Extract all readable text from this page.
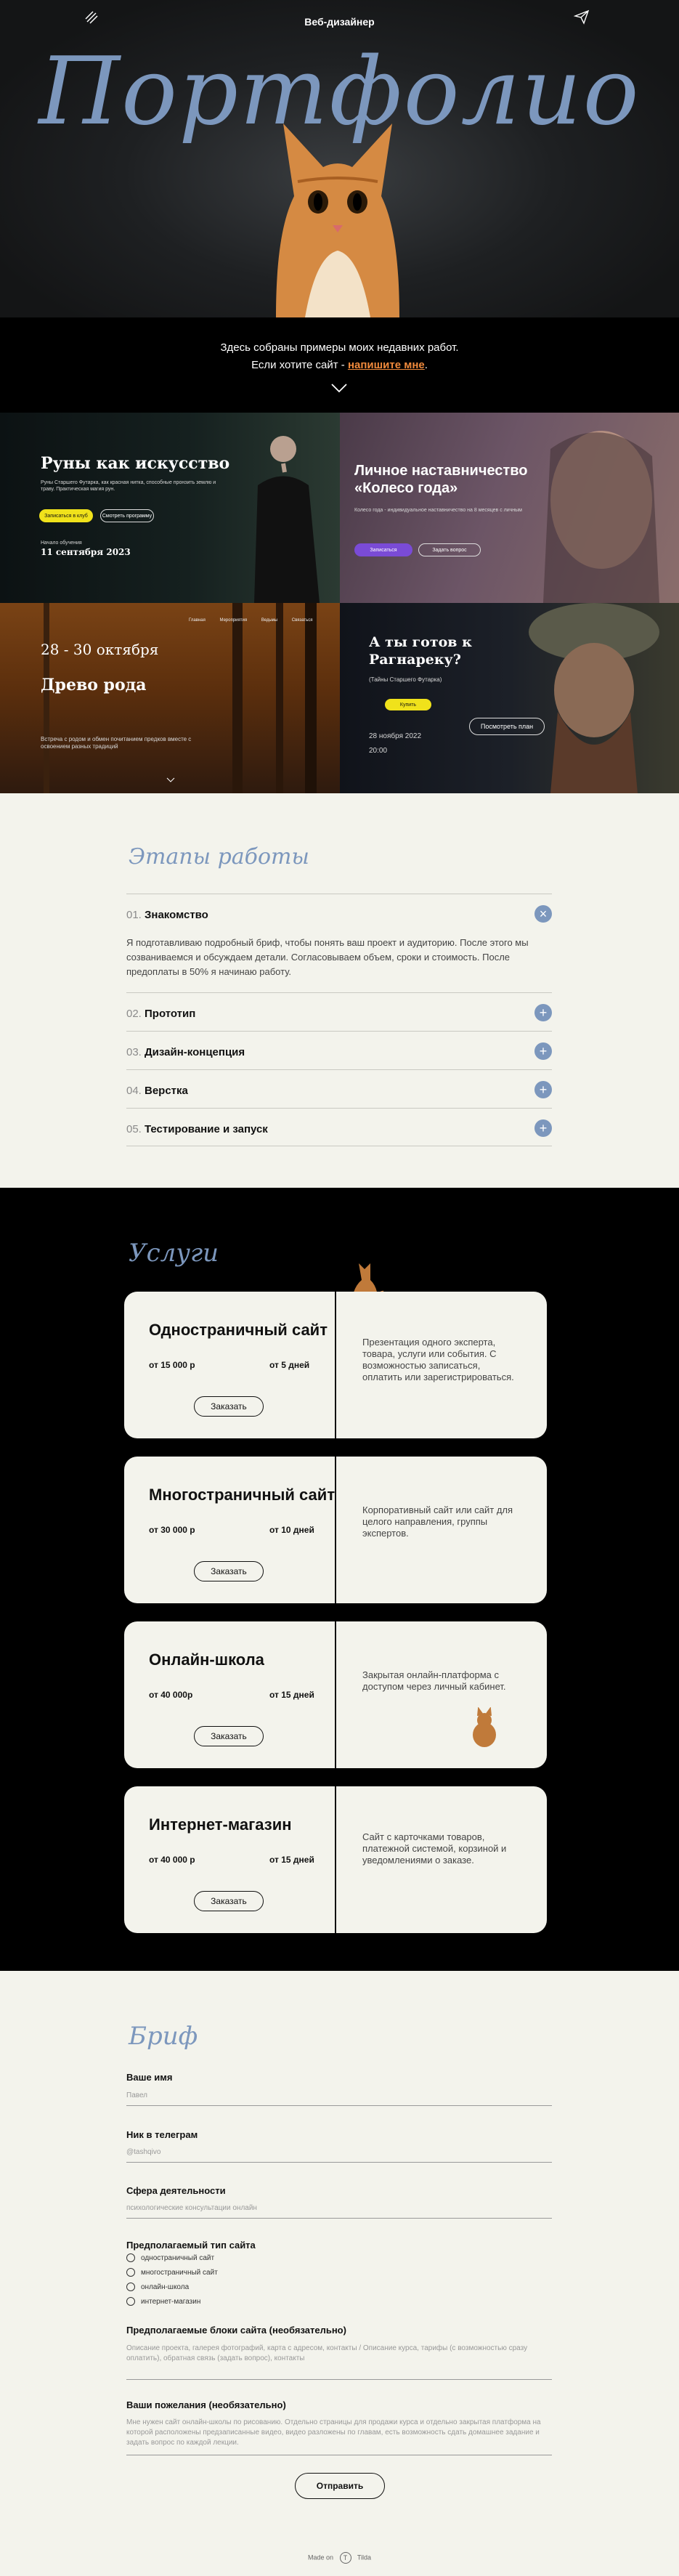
Портфолио
Веб-дизайнер
Здесь собраны примеры моих недавних работ.
Если хотите сайт - напишите мне.
Руны как искусство
Руны Старшего Футарка, как красная нитка, способные пронзить землю и траву. Практическая магия рун.
Записаться в клуб	Смотреть программу
Начало обучения
11 сентября 2023
Личное наставничество «Колесо года»
Колесо года - индивидуальное наставничество на 8 месяцев с личным
Записаться	Задать вопрос
Главная	Мероприятия	Ведьмы	Связаться
28 - 30 октября
Древо рода
Встреча с родом и обмен почитанием предков вместе с освоением разных традиций
А ты готов к Рагнареку?
(Тайны Старшего Футарка)
Купить
Посмотреть план
28 ноября 2022
20:00
Этапы работы
01. Знакомство	×
Я подготавливаю подробный бриф, чтобы понять ваш проект и аудиторию. После этого мы созваниваемся и обсуждаем детали. Согласовываем объем, сроки и стоимость. После предоплаты в 50% я начинаю работу.
02. Прототип	+
03. Дизайн-концепция	+
04. Верстка	+
05. Тестирование и запуск	+
Услуги
Одностраничный сайт
от 15 000 р	от 5 дней
Заказать
Презентация одного эксперта, товара, услуги или события. С возможностью записаться, оплатить или зарегистрироваться.
Многостраничный сайт
от 30 000 р	от 10 дней
Заказать
Корпоративный сайт или сайт для целого направления, группы экспертов.
Онлайн-школа
от 40 000р	от 15 дней
Заказать
Закрытая онлайн-платформа с доступом через личный кабинет.
Интернет-магазин
от 40 000 р	от 15 дней
Заказать
Сайт с карточками товаров, платежной системой, корзиной и уведомлениями о заказе.
Бриф
Ваше имя
Павел
Ник в телеграм
@tashqivo
Сфера деятельности
психологические консультации онлайн
Предполагаемый тип сайта
одностраничный сайт
многостраничный сайт
онлайн-школа
интернет-магазин
Предполагаемые блоки сайта (необязательно)
Описание проекта, галерея фотографий, карта с адресом, контакты / Описание курса, тарифы (с возможностью сразу оплатить), обратная связь (задать вопрос), контакты
Ваши пожелания (необязательно)
Мне нужен сайт онлайн-школы по рисованию. Отдельно страницы для продажи курса и отдельно закрытая платформа на которой расположены предзаписанные видео, видео разложены по главам, есть возможность сдать домашнее задание и задать вопрос по каждой лекции.
Отправить
Made on T Tilda
